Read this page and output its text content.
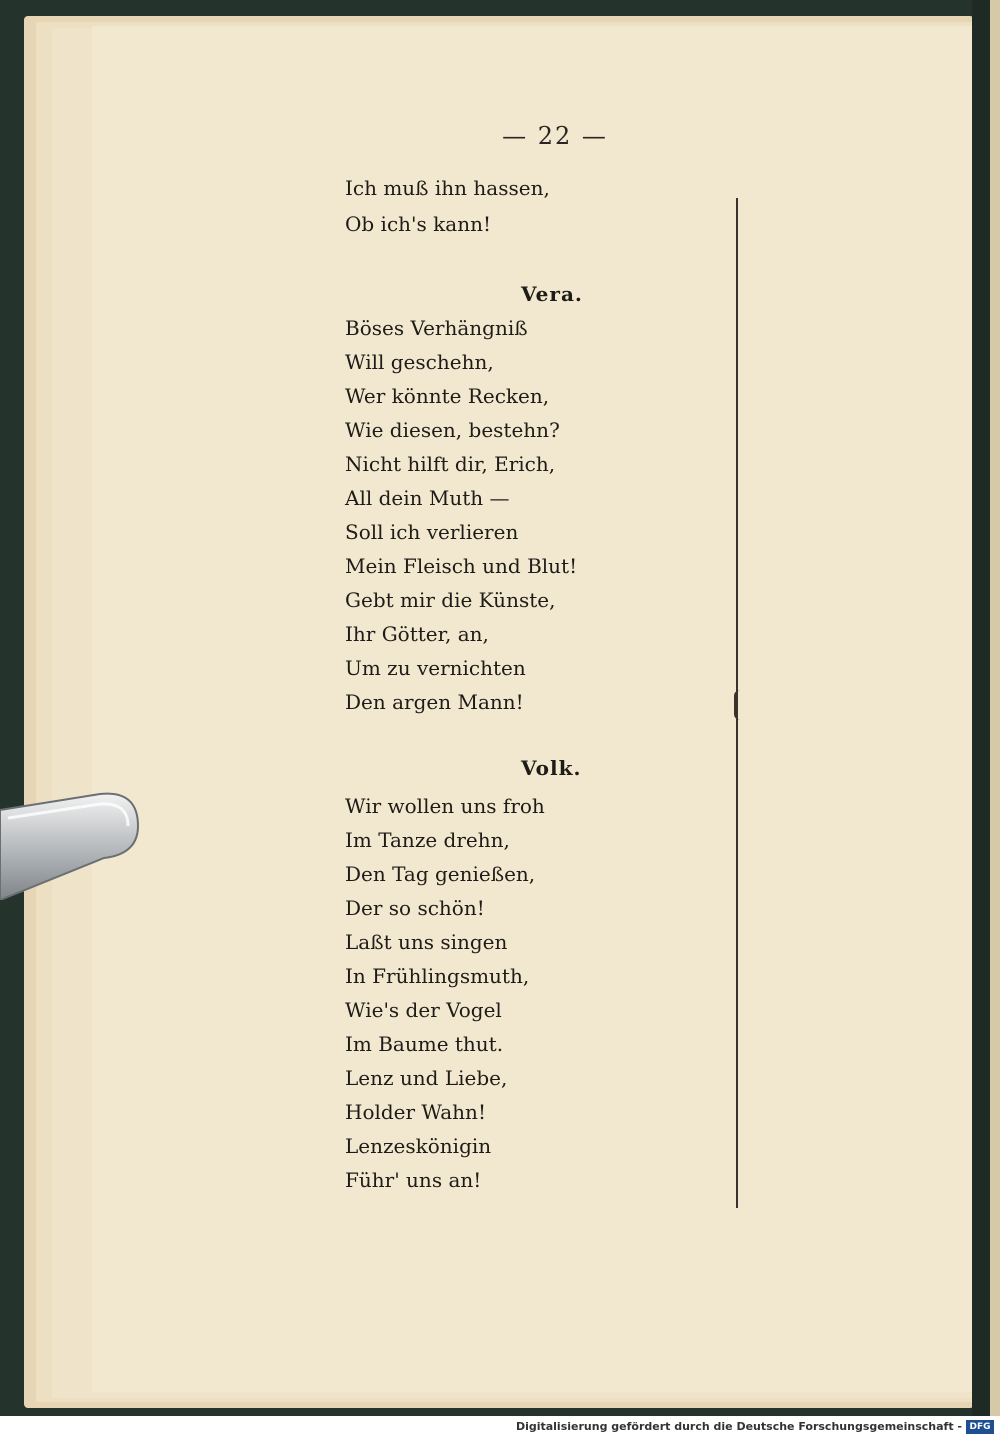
— 22 —
Ich muß ihn hassen,
Ob ich's kann!
Vera.
Böses Verhängniß
Will geschehn,
Wer könnte Recken,
Wie diesen, bestehn?
Nicht hilft dir, Erich,
All dein Muth —
Soll ich verlieren
Mein Fleisch und Blut!
Gebt mir die Künste,
Ihr Götter, an,
Um zu vernichten
Den argen Mann!
Volk.
Wir wollen uns froh
Im Tanze drehn,
Den Tag genießen,
Der so schön!
Laßt uns singen
In Frühlingsmuth,
Wie's der Vogel
Im Baume thut.
Lenz und Liebe,
Holder Wahn!
Lenzeskönigin
Führ' uns an!
Digitalisierung gefördert durch die Deutsche Forschungsgemeinschaft - DFG
